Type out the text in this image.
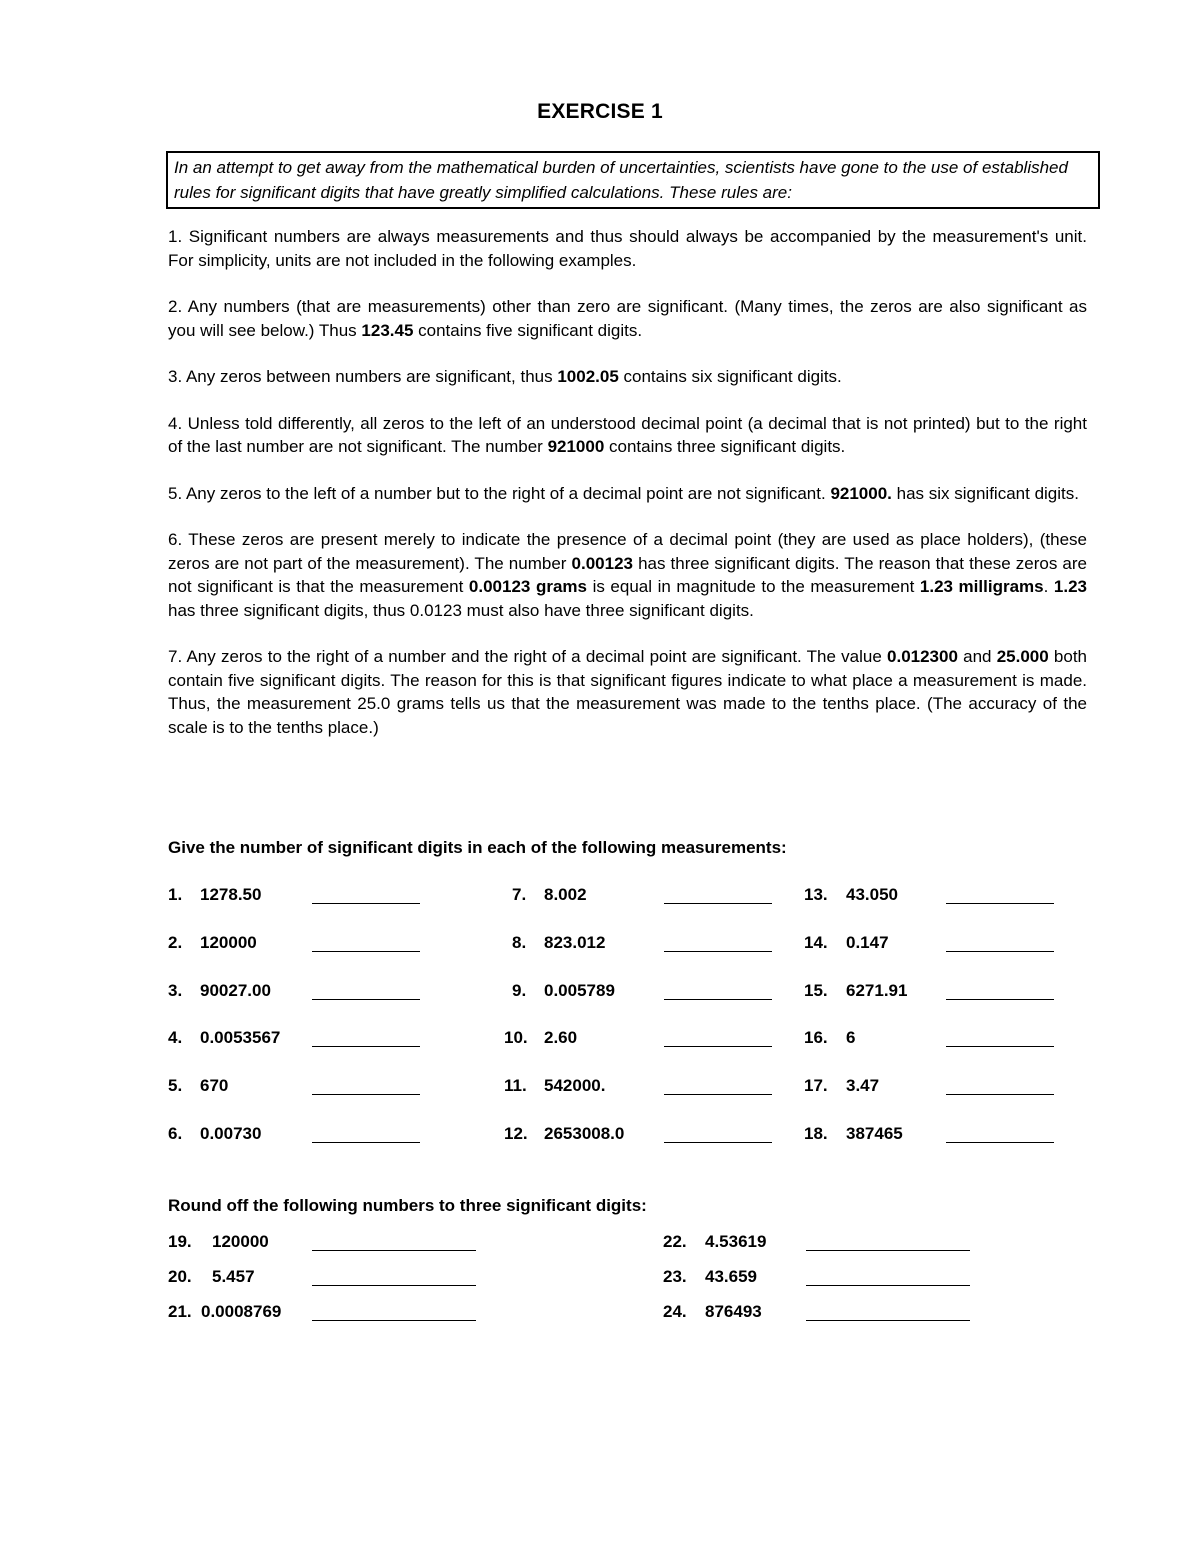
EXERCISE 1
In an attempt to get away from the mathematical burden of uncertainties, scientists have gone to the use of established rules for significant digits that have greatly simplified calculations. These rules are:

1. Significant numbers are always measurements and thus should always be accompanied by the measurement's unit. For simplicity, units are not included in the following examples.

2. Any numbers (that are measurements) other than zero are significant. (Many times, the zeros are also significant as you will see below.) Thus 123.45 contains five significant digits.

3. Any zeros between numbers are significant, thus 1002.05 contains six significant digits.

4. Unless told differently, all zeros to the left of an understood decimal point (a decimal that is not printed) but to the right of the last number are not significant. The number 921000 contains three significant digits.

5. Any zeros to the left of a number but to the right of a decimal point are not significant. 921000. has six significant digits.

6. These zeros are present merely to indicate the presence of a decimal point (they are used as place holders), (these zeros are not part of the measurement). The number 0.00123 has three significant digits. The reason that these zeros are not significant is that the measurement 0.00123 grams is equal in magnitude to the measurement 1.23 milligrams. 1.23 has three significant digits, thus 0.0123 must also have three significant digits.

7. Any zeros to the right of a number and the right of a decimal point are significant. The value 0.012300 and 25.000 both contain five significant digits. The reason for this is that significant figures indicate to what place a measurement is made. Thus, the measurement 25.0 grams tells us that the measurement was made to the tenths place. (The accuracy of the scale is to the tenths place.)

Give the number of significant digits in each of the following measurements:
1. 1278.50
2. 120000
3. 90027.00
4. 0.0053567
5. 670
6. 0.00730
7. 8.002
8. 823.012
9. 0.005789
10. 2.60
11. 542000.
12. 2653008.0
13. 43.050
14. 0.147
15. 6271.91
16. 6
17. 3.47
18. 387465
Round off the following numbers to three significant digits:
19. 120000
20. 5.457
21. 0.0008769
22. 4.53619
23. 43.659
24. 876493
